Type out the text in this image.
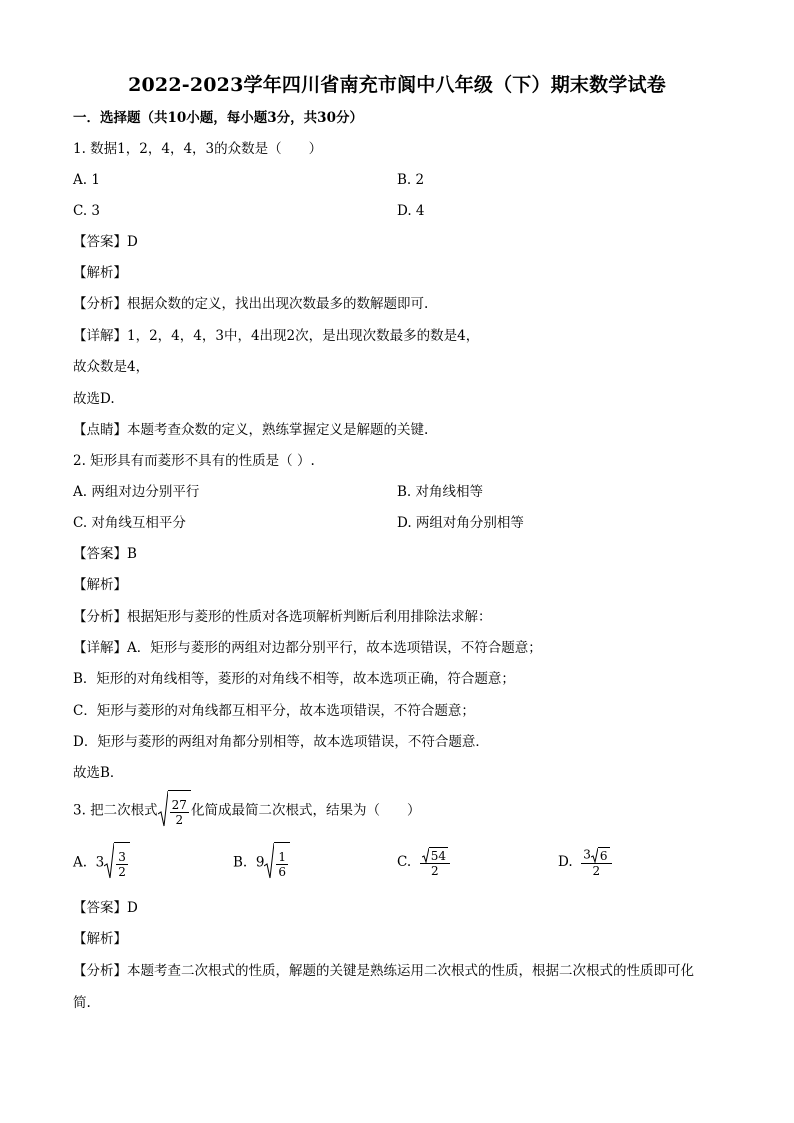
2022-2023学年四川省南充市阆中八年级（下）期末数学试卷
一．选择题（共10小题，每小题3分，共30分）
1. 数据1，2，4，4，3的众数是（　　）
A. 1	B. 2
C. 3	D. 4
【答案】D
【解析】
【分析】根据众数的定义，找出出现次数最多的数解题即可.
【详解】1，2，4，4，3中，4出现2次，是出现次数最多的数是4，
故众数是4，
故选D.
【点睛】本题考查众数的定义，熟练掌握定义是解题的关键.
2. 矩形具有而菱形不具有的性质是（ ）.
A. 两组对边分别平行	B. 对角线相等
C. 对角线互相平分	D. 两组对角分别相等
【答案】B
【解析】
【分析】根据矩形与菱形的性质对各选项解析判断后利用排除法求解：
【详解】A．矩形与菱形的两组对边都分别平行，故本选项错误，不符合题意；
B．矩形的对角线相等，菱形的对角线不相等，故本选项正确，符合题意；
C．矩形与菱形的对角线都互相平分，故本选项错误，不符合题意；
D．矩形与菱形的两组对角都分别相等，故本选项错误，不符合题意．
故选B．
3. 把二次根式 $\frac{27}{2}$ 化简成最简二次根式，结果为（　　）
A. $3 \frac{3}{2}$	B. $9 \frac{1}{6}$	C. $\frac{54}{2}$	D. $\frac{3 6}{2}$
【答案】D
【解析】
【分析】本题考查二次根式的性质，解题的关键是熟练运用二次根式的性质，根据二次根式的性质即可化
简.
